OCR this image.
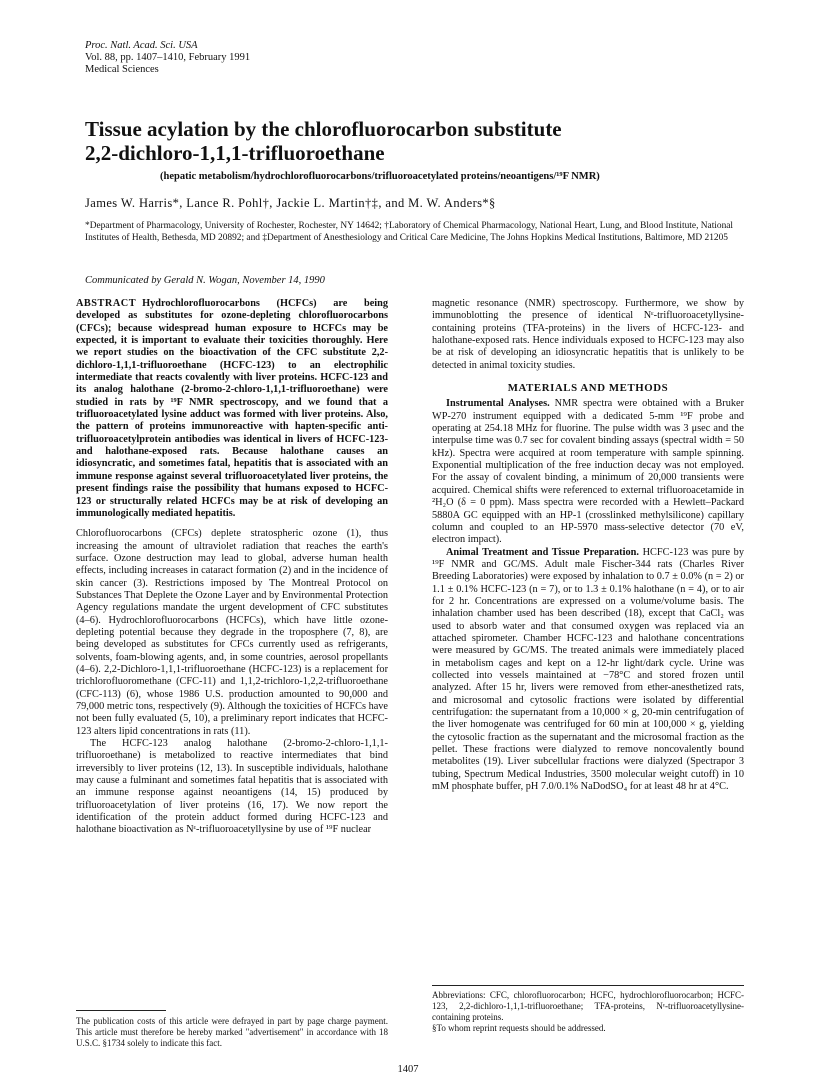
Proc. Natl. Acad. Sci. USA
Vol. 88, pp. 1407–1410, February 1991
Medical Sciences
Tissue acylation by the chlorofluorocarbon substitute
2,2-dichloro-1,1,1-trifluoroethane
(hepatic metabolism/hydrochlorofluorocarbons/trifluoroacetylated proteins/neoantigens/¹⁹F NMR)
James W. Harris*, Lance R. Pohl†, Jackie L. Martin†‡, and M. W. Anders*§
*Department of Pharmacology, University of Rochester, Rochester, NY 14642; †Laboratory of Chemical Pharmacology, National Heart, Lung, and Blood Institute, National Institutes of Health, Bethesda, MD 20892; and ‡Department of Anesthesiology and Critical Care Medicine, The Johns Hopkins Medical Institutions, Baltimore, MD 21205
Communicated by Gerald N. Wogan, November 14, 1990

ABSTRACT Hydrochlorofluorocarbons (HCFCs) are being developed as substitutes for ozone-depleting chlorofluorocarbons (CFCs); because widespread human exposure to HCFCs may be expected, it is important to evaluate their toxicities thoroughly. Here we report studies on the bioactivation of the CFC substitute 2,2-dichloro-1,1,1-trifluoroethane (HCFC-123) to an electrophilic intermediate that reacts covalently with liver proteins. HCFC-123 and its analog halothane (2-bromo-2-chloro-1,1,1-trifluoroethane) were studied in rats by ¹⁹F NMR spectroscopy, and we found that a trifluoroacetylated lysine adduct was formed with liver proteins. Also, the pattern of proteins immunoreactive with hapten-specific anti-trifluoroacetylprotein antibodies was identical in livers of HCFC-123- and halothane-exposed rats. Because halothane causes an idiosyncratic, and sometimes fatal, hepatitis that is associated with an immune response against several trifluoroacetylated liver proteins, the present findings raise the possibility that humans exposed to HCFC-123 or structurally related HCFCs may be at risk of developing an immunologically mediated hepatitis.

Chlorofluorocarbons (CFCs) deplete stratospheric ozone (1), thus increasing the amount of ultraviolet radiation that reaches the earth's surface. Ozone destruction may lead to global, adverse human health effects, including increases in cataract formation (2) and in the incidence of skin cancer (3). Restrictions imposed by The Montreal Protocol on Substances That Deplete the Ozone Layer and by Environmental Protection Agency regulations mandate the urgent development of CFC substitutes (4–6). Hydrochlorofluorocarbons (HCFCs), which have little ozone-depleting potential because they degrade in the troposphere (7, 8), are being developed as substitutes for CFCs currently used as refrigerants, solvents, foam-blowing agents, and, in some countries, aerosol propellants (4–6). 2,2-Dichloro-1,1,1-trifluoroethane (HCFC-123) is a replacement for trichlorofluoromethane (CFC-11) and 1,1,2-trichloro-1,2,2-trifluoroethane (CFC-113) (6), whose 1986 U.S. production amounted to 90,000 and 79,000 metric tons, respectively (9). Although the toxicities of HCFCs have not been fully evaluated (5, 10), a preliminary report indicates that HCFC-123 alters lipid concentrations in rats (11).

The HCFC-123 analog halothane (2-bromo-2-chloro-1,1,1-trifluoroethane) is metabolized to reactive intermediates that bind irreversibly to liver proteins (12, 13). In susceptible individuals, halothane may cause a fulminant and sometimes fatal hepatitis that is associated with an immune response against neoantigens (14, 15) produced by trifluoroacetylation of liver proteins (16, 17). We now report the identification of the protein adduct formed during HCFC-123 and halothane bioactivation as Nᵋ-trifluoroacetyllysine by use of ¹⁹F nuclear

magnetic resonance (NMR) spectroscopy. Furthermore, we show by immunoblotting the presence of identical Nᵋ-trifluoroacetyllysine-containing proteins (TFA-proteins) in the livers of HCFC-123- and halothane-exposed rats. Hence individuals exposed to HCFC-123 may also be at risk of developing an idiosyncratic hepatitis that is unlikely to be detected in animal toxicity studies.

MATERIALS AND METHODS

Instrumental Analyses. NMR spectra were obtained with a Bruker WP-270 instrument equipped with a dedicated 5-mm ¹⁹F probe and operating at 254.18 MHz for fluorine. The pulse width was 3 μsec and the interpulse time was 0.7 sec for covalent binding assays (spectral width = 50 kHz). Spectra were acquired at room temperature with sample spinning. Exponential multiplication of the free induction decay was not employed. For the assay of covalent binding, a minimum of 20,000 transients were acquired. Chemical shifts were referenced to external trifluoroacetamide in ²H₂O (δ = 0 ppm). Mass spectra were recorded with a Hewlett–Packard 5880A GC equipped with an HP-1 (crosslinked methylsilicone) capillary column and coupled to an HP-5970 mass-selective detector (70 eV, electron impact).

Animal Treatment and Tissue Preparation. HCFC-123 was pure by ¹⁹F NMR and GC/MS. Adult male Fischer-344 rats (Charles River Breeding Laboratories) were exposed by inhalation to 0.7 ± 0.0% (n = 2) or 1.1 ± 0.1% HCFC-123 (n = 7), or to 1.3 ± 0.1% halothane (n = 4), or to air for 2 hr. Concentrations are expressed on a volume/volume basis. The inhalation chamber used has been described (18), except that CaCl₂ was used to absorb water and that consumed oxygen was replaced via an attached spirometer. Chamber HCFC-123 and halothane concentrations were measured by GC/MS. The treated animals were immediately placed in metabolism cages and kept on a 12-hr light/dark cycle. Urine was collected into vessels maintained at −78°C and stored frozen until analyzed. After 15 hr, livers were removed from ether-anesthetized rats, and microsomal and cytosolic fractions were isolated by differential centrifugation: the supernatant from a 10,000 × g, 20-min centrifugation of the liver homogenate was centrifuged for 60 min at 100,000 × g, yielding the cytosolic fraction as the supernatant and the microsomal fraction as the pellet. These fractions were dialyzed to remove noncovalently bound metabolites (19). Liver subcellular fractions were dialyzed (Spectrapor 3 tubing, Spectrum Medical Industries, 3500 molecular weight cutoff) in 10 mM phosphate buffer, pH 7.0/0.1% NaDodSO₄ for at least 48 hr at 4°C.

The publication costs of this article were defrayed in part by page charge payment. This article must therefore be hereby marked "advertisement" in accordance with 18 U.S.C. §1734 solely to indicate this fact.
Abbreviations: CFC, chlorofluorocarbon; HCFC, hydrochlorofluorocarbon; HCFC-123, 2,2-dichloro-1,1,1-trifluoroethane; TFA-proteins, Nᵋ-trifluoroacetyllysine-containing proteins.
§To whom reprint requests should be addressed.
1407
